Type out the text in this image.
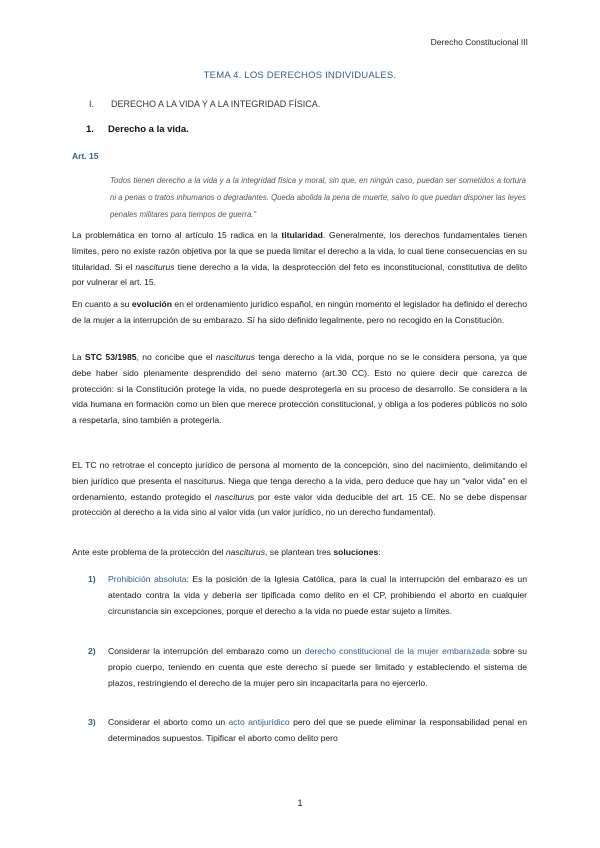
Derecho Constitucional III
TEMA 4. LOS DERECHOS INDIVIDUALES.
I. DERECHO A LA VIDA Y A LA INTEGRIDAD FÍSICA.
1. Derecho a la vida.
Art. 15
Todos tienen derecho a la vida y a la integridad física y moral, sin que, en ningún caso, puedan ser sometidos a tortura ni a penas o tratos inhumanos o degradantes. Queda abolida la pena de muerte, salvo lo que puedan disponer las leyes penales militares para tiempos de guerra.”
La problemática en torno al artículo 15 radica en la titularidad. Generalmente, los derechos fundamentales tienen límites, pero no existe razón objetiva por la que se pueda limitar el derecho a la vida, lo cual tiene consecuencias en su titularidad. Si el nasciturus tiene derecho a la vida, la desprotección del feto es inconstitucional, constitutiva de delito por vulnerar el art. 15.
En cuanto a su evolución en el ordenamiento jurídico español, en ningún momento el legislador ha definido el derecho de la mujer a la interrupción de su embarazo. Sí ha sido definido legalmente, pero no recogido en la Constitución.
La STC 53/1985, no concibe que el nasciturus tenga derecho a la vida, porque no se le considera persona, ya que debe haber sido plenamente desprendido del seno materno (art.30 CC). Esto no quiere decir que carezca de protección: si la Constitución protege la vida, no puede desprotegerla en su proceso de desarrollo. Se considera a la vida humana en formación como un bien que merece protección constitucional, y obliga a los poderes públicos no solo a respetarla, sino también a protegerla.
EL TC no retrotrae el concepto jurídico de persona al momento de la concepción, sino del nacimiento, delimitando el bien jurídico que presenta el nasciturus. Niega que tenga derecho a la vida, pero deduce que hay un “valor vida” en el ordenamiento, estando protegido el nasciturus por este valor vida deducible del art. 15 CE. No se debe dispensar protección al derecho a la vida sino al valor vida (un valor jurídico, no un derecho fundamental).
Ante este problema de la protección del nasciturus, se plantean tres soluciones:
1) Prohibición absoluta: Es la posición de la Iglesia Católica, para la cual la interrupción del embarazo es un atentado contra la vida y debería ser tipificada como delito en el CP, prohibiendo el aborto en cualquier circunstancia sin excepciones, porque el derecho a la vida no puede estar sujeto a límites.
2) Considerar la interrupción del embarazo como un derecho constitucional de la mujer embarazada sobre su propio cuerpo, teniendo en cuenta que este derecho sí puede ser limitado y estableciendo el sistema de plazos, restringiendo el derecho de la mujer pero sin incapacitarla para no ejercerlo.
3) Considerar el aborto como un acto antijurídico pero del que se puede eliminar la responsabilidad penal en determinados supuestos. Tipificar el aborto como delito pero
1
